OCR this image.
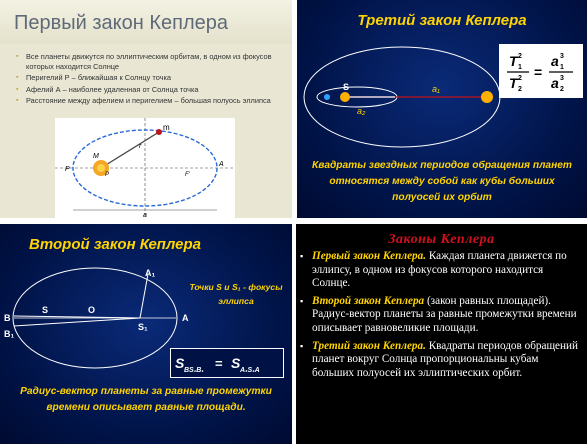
Первый закон Кеплера
▪ Все планеты движутся по эллиптическим орбитам, в одном из фокусов которых находится Солнце
▪ Перигелий Р – ближайшая к Солнцу точка
▪ Афелий А – наиболее удаленная от Солнца точка
▪ Расстояние между афелием и перигелием – большая полуось эллипса
m
r
M
P
P	F'
A
a
Третий закон Кеплера
S	a₁
a₂
T 2
1
T 2
2
=
a 3
1
a 3
2
Квадраты звездных периодов обращения планет относятся между собой как кубы больших полуосей их орбит
Второй закон Кеплера
A₁
B
B₁
S	O
S₁
A
Точки S и S₁ - фокусы эллипса
S BS₁B₁ = S A₁S₁A
Радиус-вектор планеты за равные промежутки времени описывает равные площади.
Законы Кеплера
▪ Первый закон Кеплера. Каждая планета движется по эллипсу, в одном из фокусов которого находится Солнце.
▪ Второй закон Кеплера (закон равных площадей). Радиус-вектор планеты за равные промежутки времени описывает равновеликие площади.
▪ Третий закон Кеплера. Квадраты периодов обращений планет вокруг Солнца пропорциональны кубам больших полуосей их эллиптических орбит.
